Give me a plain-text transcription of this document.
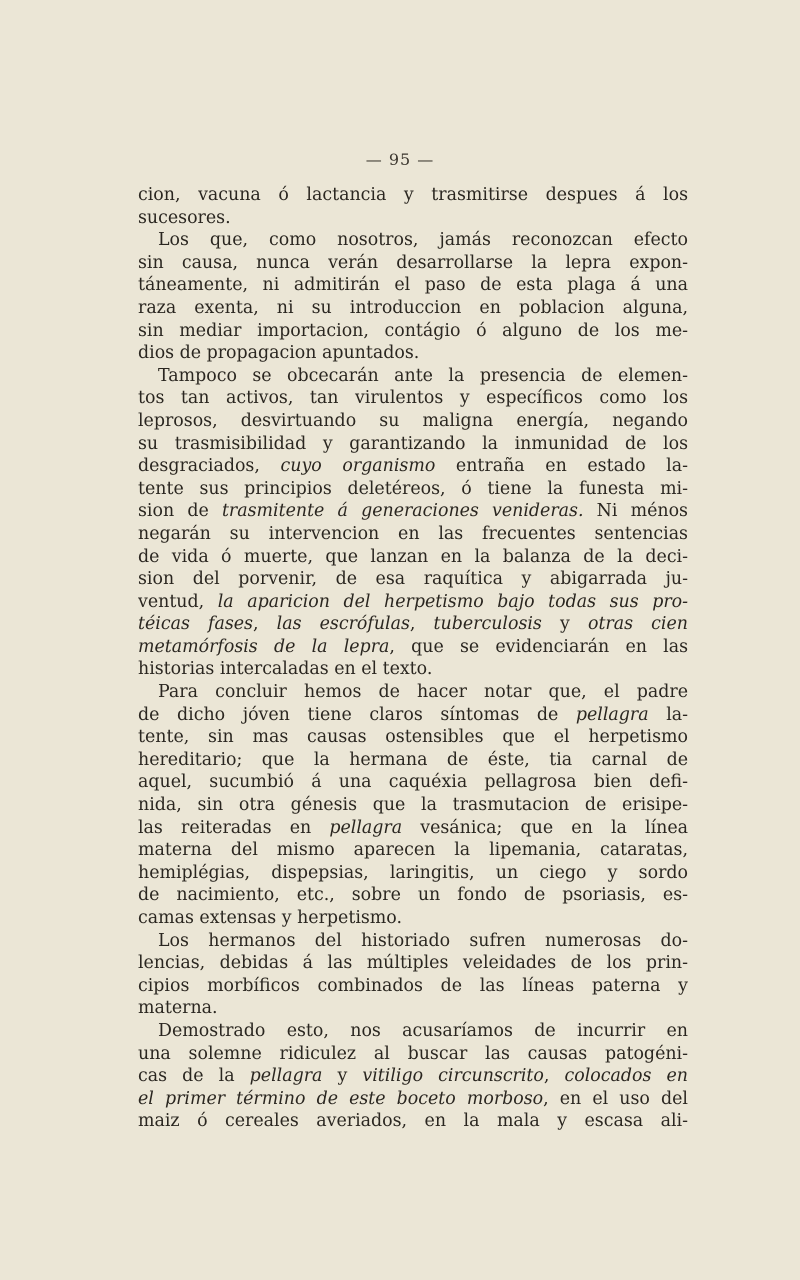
— 95 —
cion, vacuna ó lactancia y trasmitirse despues á los
sucesores.
Los que, como nosotros, jamás reconozcan efecto
sin causa, nunca verán desarrollarse la lepra expon-
táneamente, ni admitirán el paso de esta plaga á una
raza exenta, ni su introduccion en poblacion alguna,
sin mediar importacion, contágio ó alguno de los me-
dios de propagacion apuntados.
Tampoco se obcecarán ante la presencia de elemen-
tos tan activos, tan virulentos y específicos como los
leprosos, desvirtuando su maligna energía, negando
su trasmisibilidad y garantizando la inmunidad de los
desgraciados, cuyo organismo entraña en estado la-
tente sus principios deletéreos, ó tiene la funesta mi-
sion de trasmitente á generaciones venideras. Ni ménos
negarán su intervencion en las frecuentes sentencias
de vida ó muerte, que lanzan en la balanza de la deci-
sion del porvenir, de esa raquítica y abigarrada ju-
ventud, la aparicion del herpetismo bajo todas sus pro-
téicas fases, las escrófulas, tuberculosis y otras cien
metamórfosis de la lepra, que se evidenciarán en las
historias intercaladas en el texto.
Para concluir hemos de hacer notar que, el padre
de dicho jóven tiene claros síntomas de pellagra la-
tente, sin mas causas ostensibles que el herpetismo
hereditario; que la hermana de éste, tia carnal de
aquel, sucumbió á una caquéxia pellagrosa bien defi-
nida, sin otra génesis que la trasmutacion de erisipe-
las reiteradas en pellagra vesánica; que en la línea
materna del mismo aparecen la lipemania, cataratas,
hemiplégias, dispepsias, laringitis, un ciego y sordo
de nacimiento, etc., sobre un fondo de psoriasis, es-
camas extensas y herpetismo.
Los hermanos del historiado sufren numerosas do-
lencias, debidas á las múltiples veleidades de los prin-
cipios morbíficos combinados de las líneas paterna y
materna.
Demostrado esto, nos acusaríamos de incurrir en
una solemne ridiculez al buscar las causas patogéni-
cas de la pellagra y vitiligo circunscrito, colocados en
el primer término de este boceto morboso, en el uso del
maiz ó cereales averiados, en la mala y escasa ali-
